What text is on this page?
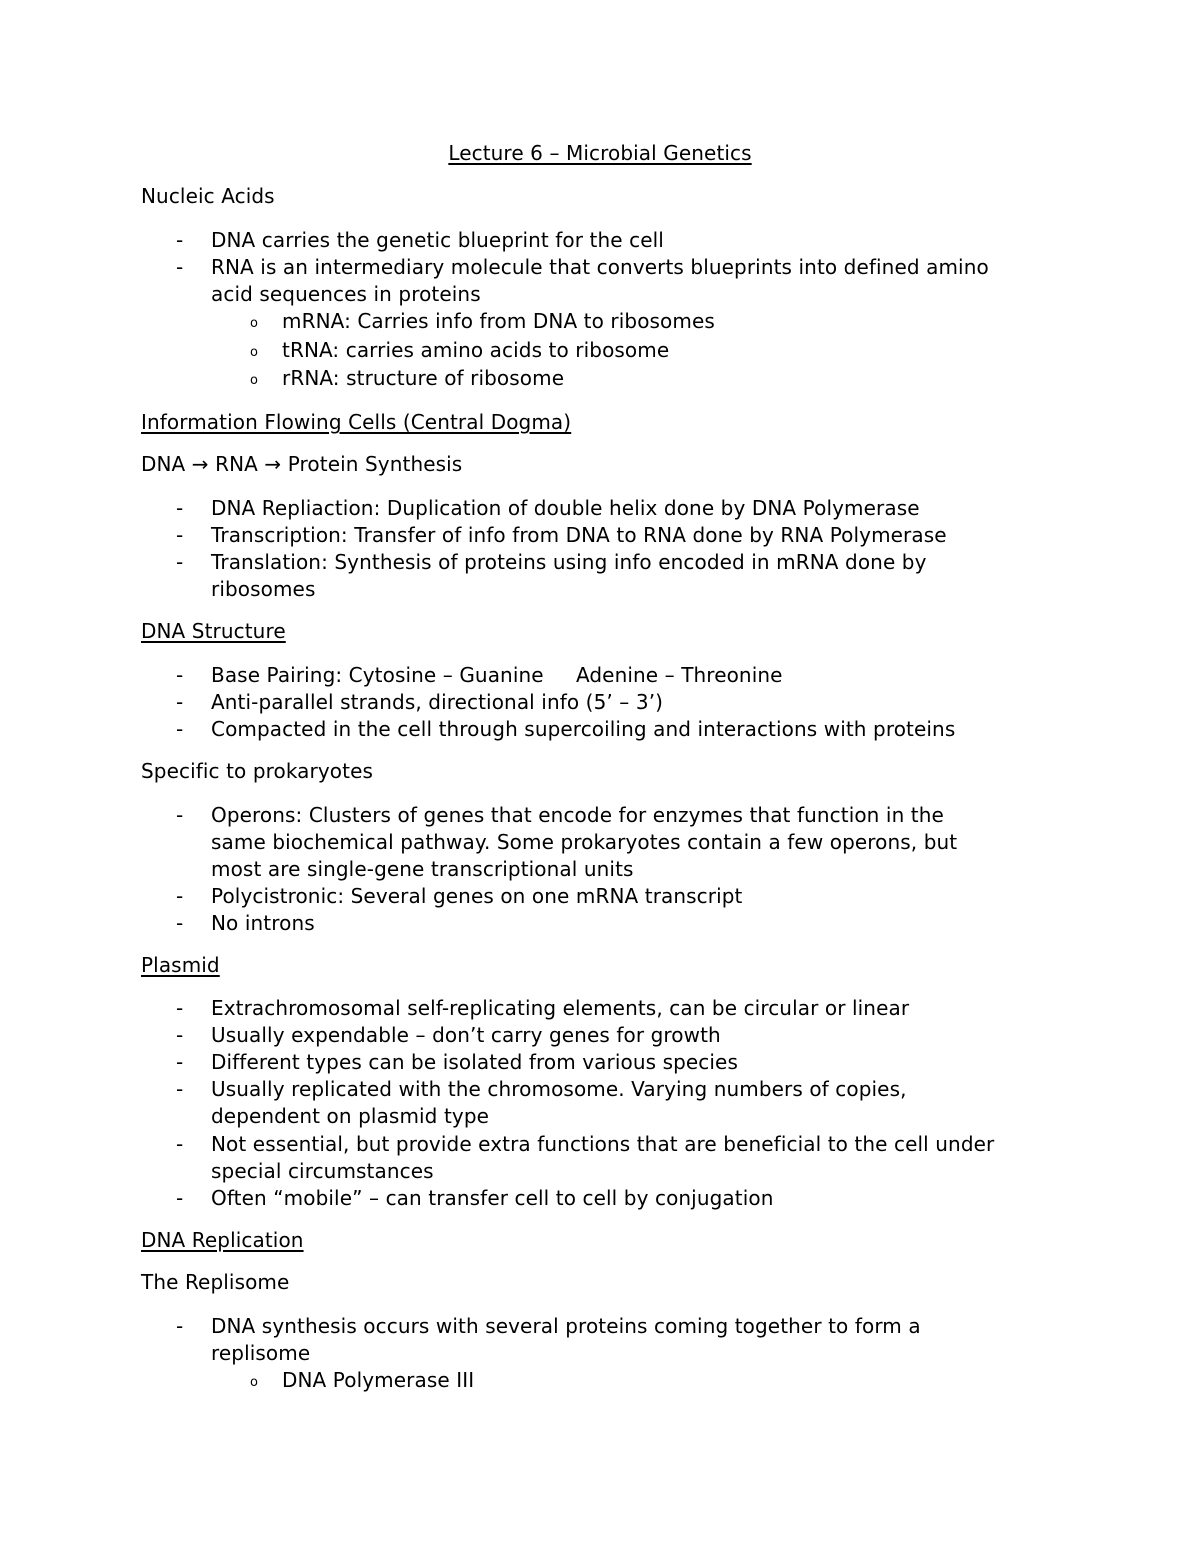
Lecture 6 – Microbial Genetics
Nucleic Acids
- DNA carries the genetic blueprint for the cell
- RNA is an intermediary molecule that converts blueprints into defined amino
acid sequences in proteins
o mRNA: Carries info from DNA to ribosomes
o tRNA: carries amino acids to ribosome
o rRNA: structure of ribosome
Information Flowing Cells (Central Dogma)
DNA → RNA → Protein Synthesis
- DNA Repliaction: Duplication of double helix done by DNA Polymerase
- Transcription: Transfer of info from DNA to RNA done by RNA Polymerase
- Translation: Synthesis of proteins using info encoded in mRNA done by
ribosomes
DNA Structure
- Base Pairing: Cytosine – Guanine     Adenine – Threonine
- Anti-parallel strands, directional info (5’ – 3’)
- Compacted in the cell through supercoiling and interactions with proteins
Specific to prokaryotes
- Operons: Clusters of genes that encode for enzymes that function in the
same biochemical pathway. Some prokaryotes contain a few operons, but
most are single-gene transcriptional units
- Polycistronic: Several genes on one mRNA transcript
- No introns
Plasmid
- Extrachromosomal self-replicating elements, can be circular or linear
- Usually expendable – don’t carry genes for growth
- Different types can be isolated from various species
- Usually replicated with the chromosome. Varying numbers of copies,
dependent on plasmid type
- Not essential, but provide extra functions that are beneficial to the cell under
special circumstances
- Often “mobile” – can transfer cell to cell by conjugation
DNA Replication
The Replisome
- DNA synthesis occurs with several proteins coming together to form a
replisome
o DNA Polymerase III
